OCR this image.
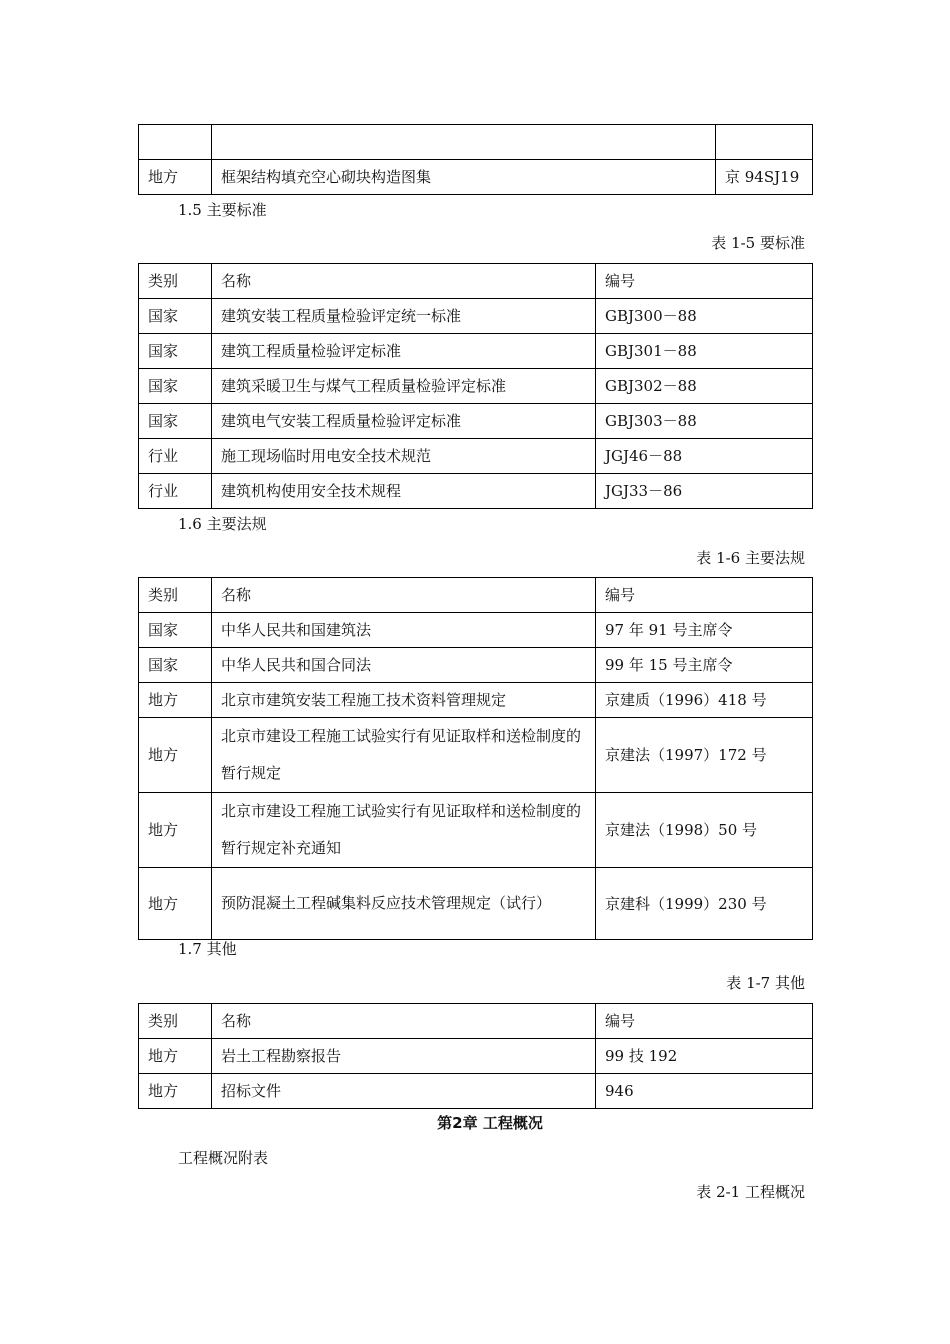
地方	框架结构填充空心砌块构造图集	京 94SJ19
1.5 主要标准
表 1-5 要标准
类别	名称	编号
国家	建筑安装工程质量检验评定统一标准	GBJ300－88
国家	建筑工程质量检验评定标准	GBJ301－88
国家	建筑采暖卫生与煤气工程质量检验评定标准	GBJ302－88
国家	建筑电气安装工程质量检验评定标准	GBJ303－88
行业	施工现场临时用电安全技术规范	JGJ46－88
行业	建筑机构使用安全技术规程	JGJ33－86
1.6 主要法规
表 1-6 主要法规
类别	名称	编号
国家	中华人民共和国建筑法	97 年 91 号主席令
国家	中华人民共和国合同法	99 年 15 号主席令
地方	北京市建筑安装工程施工技术资料管理规定	京建质（1996）418 号
地方	北京市建设工程施工试验实行有见证取样和送检制度的暂行规定	京建法（1997）172 号
地方	北京市建设工程施工试验实行有见证取样和送检制度的暂行规定补充通知	京建法（1998）50 号
地方	预防混凝土工程碱集料反应技术管理规定（试行）	京建科（1999）230 号
1.7 其他
表 1-7 其他
类别	名称	编号
地方	岩土工程勘察报告	99 技 192
地方	招标文件	946
第2章 工程概况
工程概况附表
表 2-1 工程概况
